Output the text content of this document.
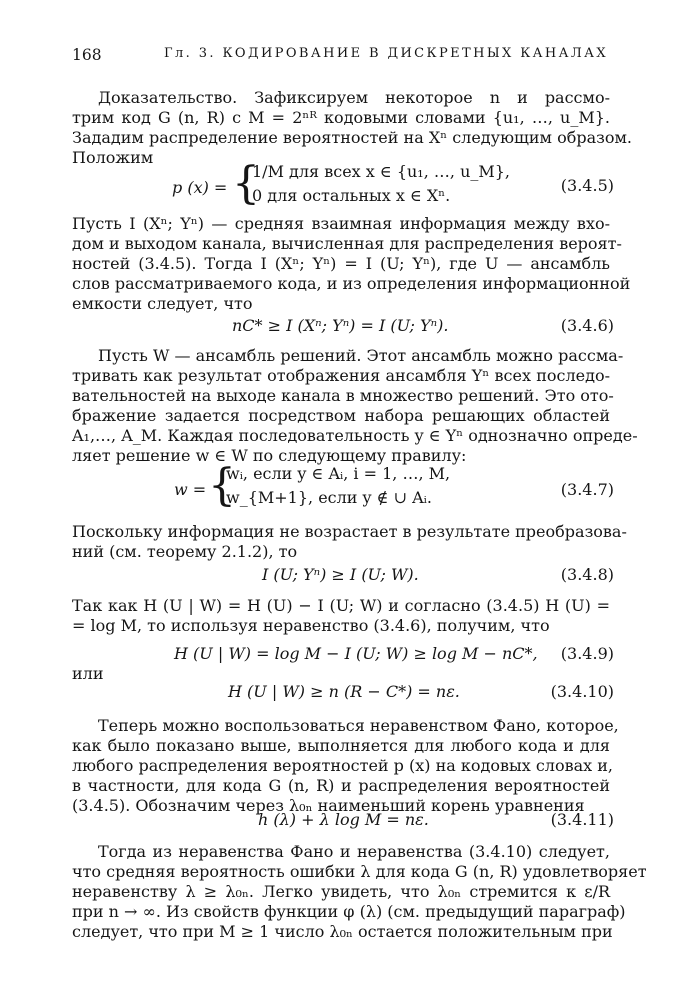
168	Гл. 3. КОДИРОВАНИЕ В ДИСКРЕТНЫХ КАНАЛАХ
Доказательство. Зафиксируем некоторое n и рассмо-
трим код G (n, R) с M = 2ⁿᴿ кодовыми словами {u₁, …, u_M}.
Зададим распределение вероятностей на Xⁿ следующим образом.
Положим
p (x) = {
1/M для всех x ∈ {u₁, …, u_M},
0 для остальных x ∈ Xⁿ.
(3.4.5)
Пусть I (Xⁿ; Yⁿ) — средняя взаимная информация между вхо-
дом и выходом канала, вычисленная для распределения вероят-
ностей (3.4.5). Тогда I (Xⁿ; Yⁿ) = I (U; Yⁿ), где U — ансамбль
слов рассматриваемого кода, и из определения информационной
емкости следует, что
nC* ≥ I (Xⁿ; Yⁿ) = I (U; Yⁿ).	(3.4.6)
Пусть W — ансамбль решений. Этот ансамбль можно рассма-
тривать как результат отображения ансамбля Yⁿ всех последо-
вательностей на выходе канала в множество решений. Это ото-
бражение задается посредством набора решающих областей
A₁,…, A_M. Каждая последовательность y ∈ Yⁿ однозначно опреде-
ляет решение w ∈ W по следующему правилу:
w = {
wᵢ, если y ∈ Aᵢ, i = 1, …, M,
w_{M+1}, если y ∉ ∪ Aᵢ.	(3.4.7)
Поскольку информация не возрастает в результате преобразова-
ний (см. теорему 2.1.2), то
I (U; Yⁿ) ≥ I (U; W).	(3.4.8)
Так как H (U | W) = H (U) − I (U; W) и согласно (3.4.5) H (U) =
= log M, то используя неравенство (3.4.6), получим, что
H (U | W) = log M − I (U; W) ≥ log M − nC*, (3.4.9)
или
H (U | W) ≥ n (R − C*) = nε.	(3.4.10)
Теперь можно воспользоваться неравенством Фано, которое,
как было показано выше, выполняется для любого кода и для
любого распределения вероятностей p (x) на кодовых словах и,
в частности, для кода G (n, R) и распределения вероятностей
(3.4.5). Обозначим через λ₀ₙ наименьший корень уравнения
h (λ) + λ log M = nε.	(3.4.11)
Тогда из неравенства Фано и неравенства (3.4.10) следует,
что средняя вероятность ошибки λ для кода G (n, R) удовлетворяет
неравенству λ ≥ λ₀ₙ. Легко увидеть, что λ₀ₙ стремится к ε/R
при n → ∞. Из свойств функции φ (λ) (см. предыдущий параграф)
следует, что при M ≥ 1 число λ₀ₙ остается положительным при
